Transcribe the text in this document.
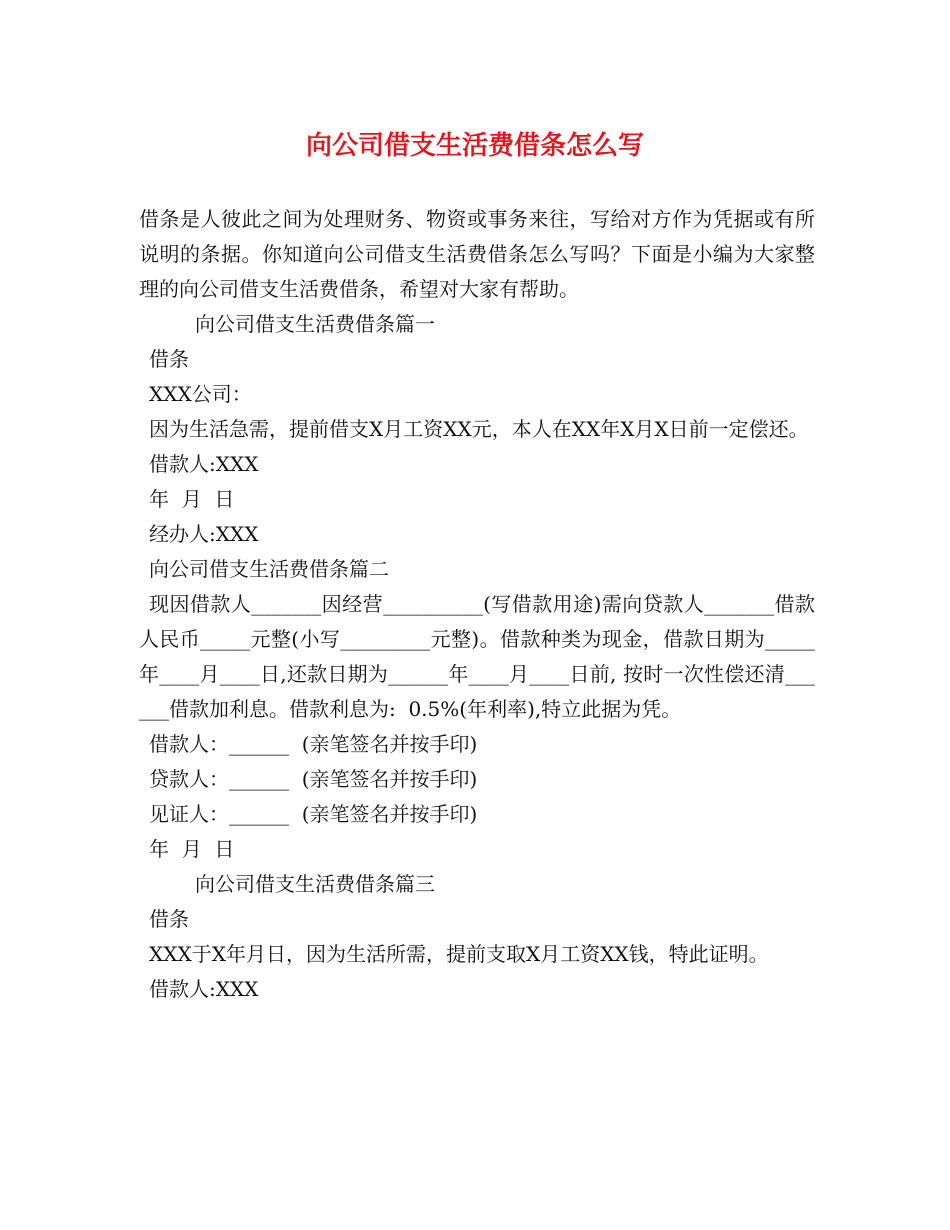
向公司借支生活费借条怎么写

借条是人彼此之间为处理财务、物资或事务来往，写给对方作为凭据或有所说明的条据。你知道向公司借支生活费借条怎么写吗？下面是小编为大家整理的向公司借支生活费借条，希望对大家有帮助。

向公司借支生活费借条篇一

借条

XXX公司：

因为生活急需，提前借支X月工资XX元，本人在XX年X月X日前一定偿还。

借款人:XXX

年  月  日

经办人:XXX

向公司借支生活费借条篇二

现因借款人_______因经营__________(写借款用途)需向贷款人_______借款人民币_____元整(小写_________元整)。借款种类为现金，借款日期为_____年____月____日,还款日期为______年____月____日前, 按时一次性偿还清______借款加利息。借款利息为:  0.5%(年利率),特立此据为凭。

借款人：______  (亲笔签名并按手印)

贷款人：______  (亲笔签名并按手印)

见证人：______  (亲笔签名并按手印)

年  月  日

向公司借支生活费借条篇三

借条

XXX于X年月日，因为生活所需，提前支取X月工资XX钱，特此证明。

借款人:XXX
